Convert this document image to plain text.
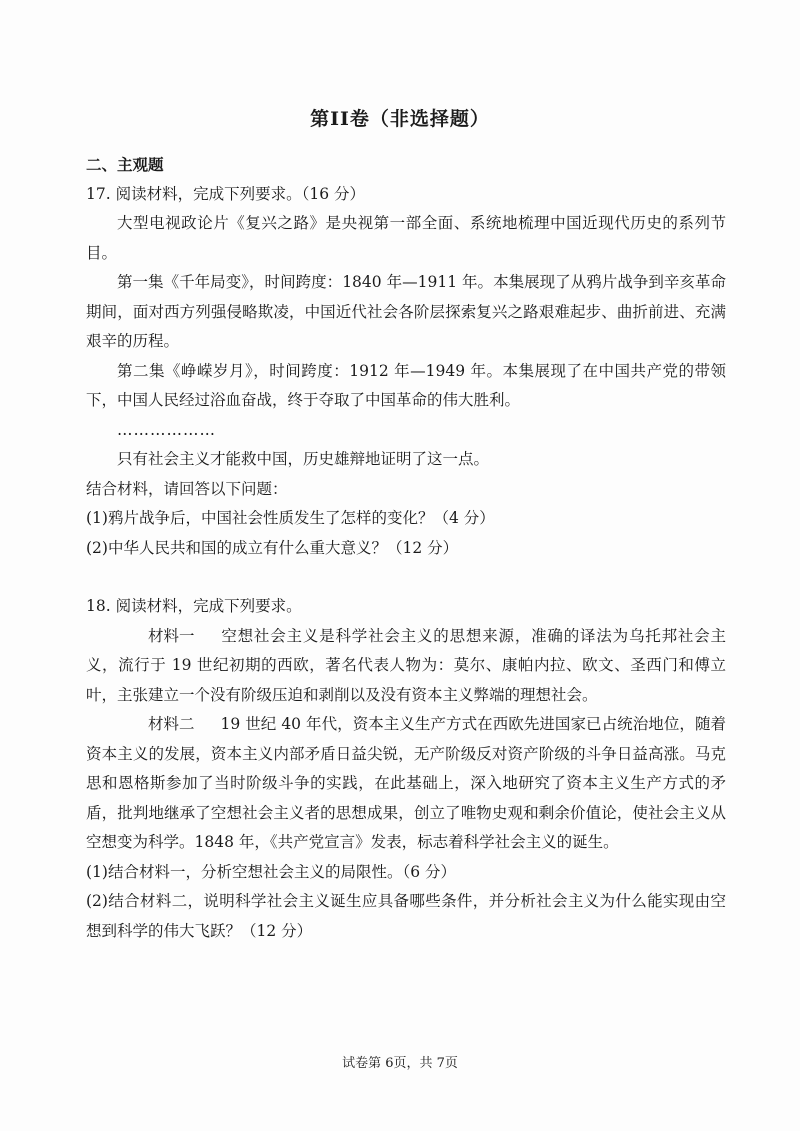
第II卷（非选择题）

二、主观题

17. 阅读材料，完成下列要求。（16 分）

大型电视政论片《复兴之路》是央视第一部全面、系统地梳理中国近现代历史的系列节目。

第一集《千年局变》，时间跨度：1840 年—1911 年。本集展现了从鸦片战争到辛亥革命期间，面对西方列强侵略欺凌，中国近代社会各阶层探索复兴之路艰难起步、曲折前进、充满艰辛的历程。

第二集《峥嵘岁月》，时间跨度：1912 年—1949 年。本集展现了在中国共产党的带领下，中国人民经过浴血奋战，终于夺取了中国革命的伟大胜利。

………………

只有社会主义才能救中国，历史雄辩地证明了这一点。

结合材料，请回答以下问题：

(1)鸦片战争后，中国社会性质发生了怎样的变化？（4 分）

(2)中华人民共和国的成立有什么重大意义？（12 分）

18. 阅读材料，完成下列要求。

材料一 空想社会主义是科学社会主义的思想来源，准确的译法为乌托邦社会主义，流行于 19 世纪初期的西欧，著名代表人物为：莫尔、康帕内拉、欧文、圣西门和傅立叶，主张建立一个没有阶级压迫和剥削以及没有资本主义弊端的理想社会。

材料二 19 世纪 40 年代，资本主义生产方式在西欧先进国家已占统治地位，随着资本主义的发展，资本主义内部矛盾日益尖锐，无产阶级反对资产阶级的斗争日益高涨。马克思和恩格斯参加了当时阶级斗争的实践，在此基础上，深入地研究了资本主义生产方式的矛盾，批判地继承了空想社会主义者的思想成果，创立了唯物史观和剩余价值论，使社会主义从空想变为科学。1848 年，《共产党宣言》发表，标志着科学社会主义的诞生。

(1)结合材料一，分析空想社会主义的局限性。（6 分）

(2)结合材料二，说明科学社会主义诞生应具备哪些条件，并分析社会主义为什么能实现由空想到科学的伟大飞跃？（12 分）

试卷第 6页，共 7页
